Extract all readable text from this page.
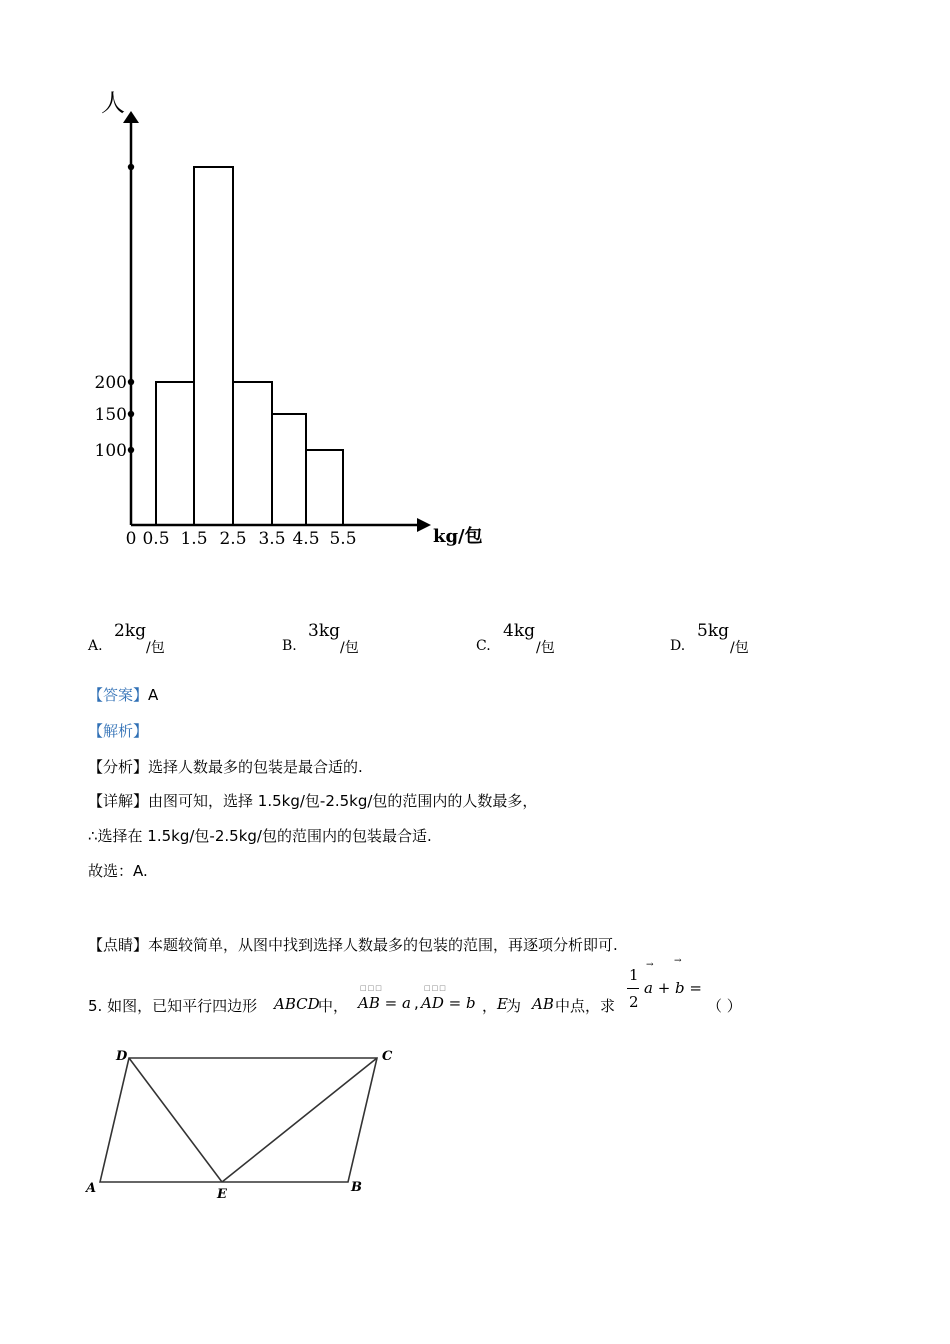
人
kg/包
0 0.5 1.5 2.5 3.5 4.5 5.5
200
150
100
A.
2kg
/包	B.
3kg
/包	C.
4kg
/包	D.
5kg
/包
【答案】A
【解析】
【分析】选择人数最多的包装是最合适的.
【详解】由图可知，选择 1.5kg/包-2.5kg/包的范围内的人数最多，
∴选择在 1.5kg/包-2.5kg/包的范围内的包装最合适.
故选：A.
【点睛】本题较简单，从图中找到选择人数最多的包装的范围，再逐项分析即可.
5. 如图，已知平行四边形 ABCD
中，
□□□
AB = a ,
□□□
AD = b ， E
为 AB 中点，求
1
2
→ →
a + b =
（ ）
D	C
A	E	B
